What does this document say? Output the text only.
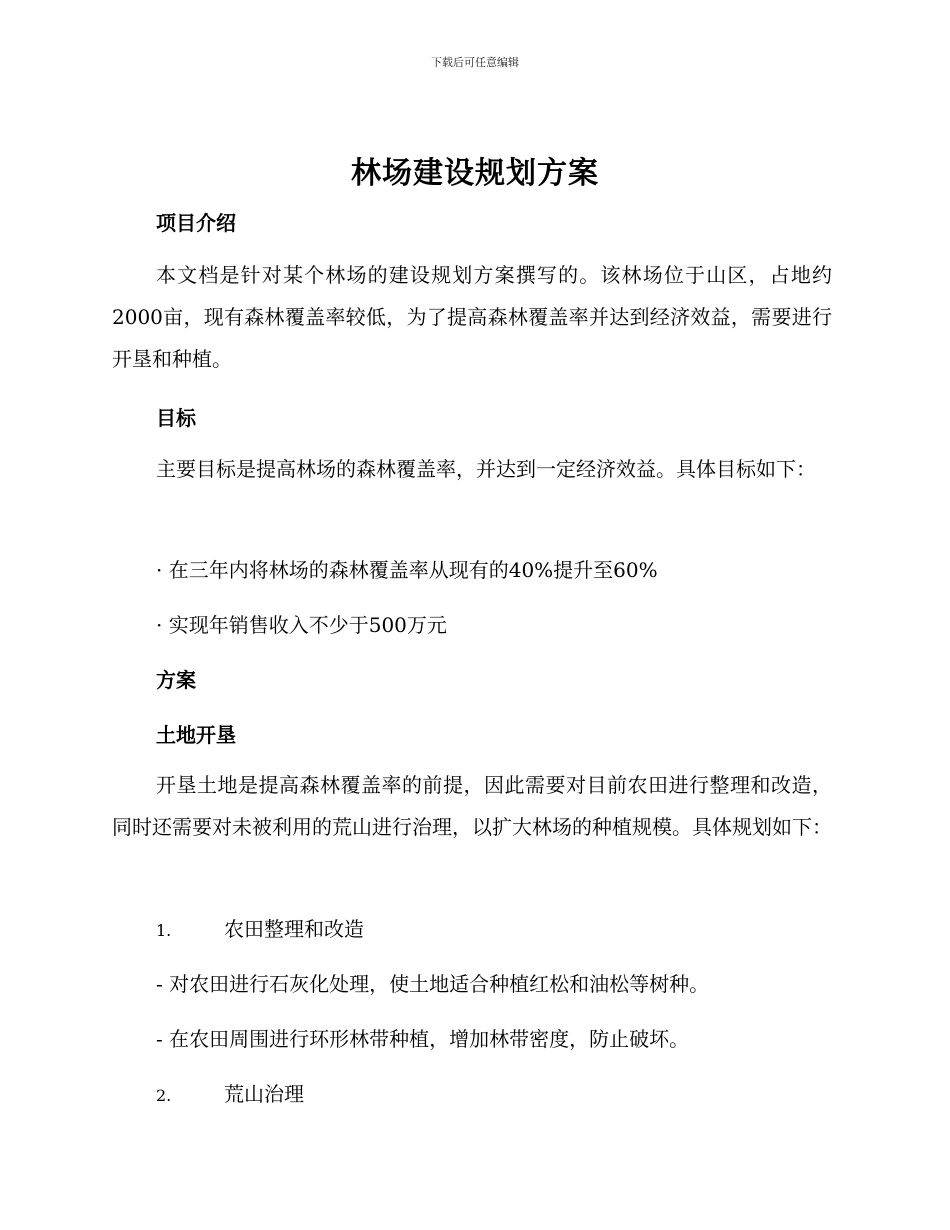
下载后可任意编辑
林场建设规划方案
项目介绍
本文档是针对某个林场的建设规划方案撰写的。该林场位于山区，占地约2000亩，现有森林覆盖率较低，为了提高森林覆盖率并达到经济效益，需要进行开垦和种植。
目标
主要目标是提高林场的森林覆盖率，并达到一定经济效益。具体目标如下：
· 在三年内将林场的森林覆盖率从现有的40%提升至60%
· 实现年销售收入不少于500万元
方案
土地开垦
开垦土地是提高森林覆盖率的前提，因此需要对目前农田进行整理和改造，同时还需要对未被利用的荒山进行治理，以扩大林场的种植规模。具体规划如下：
1.	农田整理和改造
- 对农田进行石灰化处理，使土地适合种植红松和油松等树种。
- 在农田周围进行环形林带种植，增加林带密度，防止破坏。
2.	荒山治理
